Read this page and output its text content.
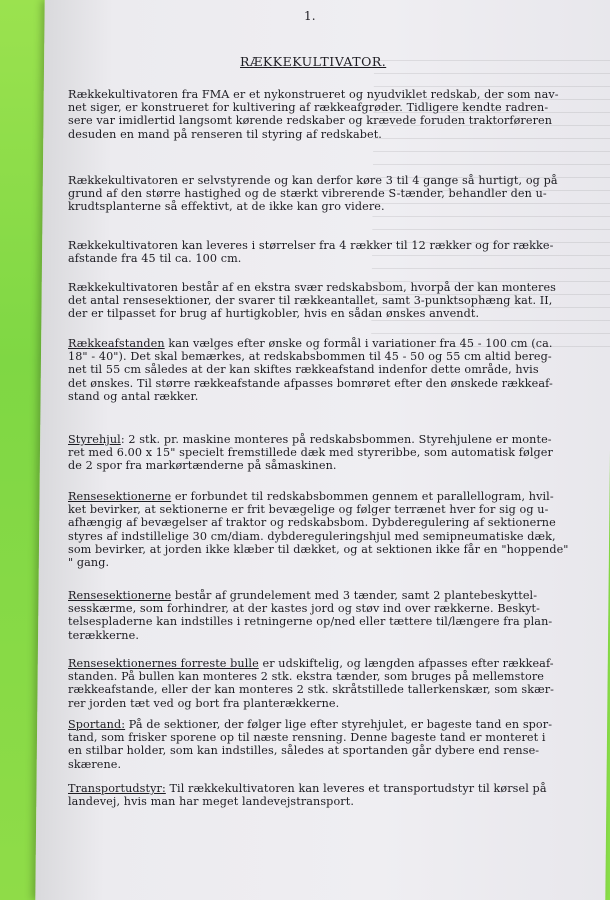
1.
RÆKKEKULTIVATOR.

Rækkekultivatoren fra FMA er et nykonstrueret og nyudviklet redskab, der som nav-

net siger, er konstrueret for kultivering af rækkeafgrøder. Tidligere kendte radren-

sere var imidlertid langsomt kørende redskaber og krævede foruden traktorføreren

desuden en mand på renseren til styring af redskabet.

Rækkekultivatoren er selvstyrende og kan derfor køre 3 til 4 gange så hurtigt, og på

grund af den større hastighed og de stærkt vibrerende S-tænder, behandler den u-

krudtsplanterne så effektivt, at de ikke kan gro videre.

Rækkekultivatoren kan leveres i størrelser fra 4 rækker til 12 rækker og for række-

afstande fra 45 til ca. 100 cm.

Rækkekultivatoren består af en ekstra svær redskabsbom, hvorpå der kan monteres

det antal rensesektioner, der svarer til rækkeantallet, samt 3-punktsophæng kat. II,

der er tilpasset for brug af hurtigkobler, hvis en sådan ønskes anvendt.

Rækkeafstanden kan vælges efter ønske og formål i variationer fra 45 - 100 cm (ca.

18" - 40"). Det skal bemærkes, at redskabsbommen til 45 - 50 og 55 cm altid bereg-

net til 55 cm således at der kan skiftes rækkeafstand indenfor dette område, hvis

det ønskes. Til større rækkeafstande afpasses bomrøret efter den ønskede rækkeaf-

stand og antal rækker.

Styrehjul: 2 stk. pr. maskine monteres på redskabsbommen. Styrehjulene er monte-

ret med 6.00 x 15" specielt fremstillede dæk med styreribbe, som automatisk følger

de 2 spor fra markørtænderne på såmaskinen.

Rensesektionerne er forbundet til redskabsbommen gennem et parallellogram, hvil-

ket bevirker, at sektionerne er frit bevægelige og følger terrænet hver for sig og u-

afhængig af bevægelser af traktor og redskabsbom. Dybderegulering af sektionerne

styres af indstillelige 30 cm/diam. dybdereguleringshjul med semipneumatiske dæk,

som bevirker, at jorden ikke klæber til dækket, og at sektionen ikke får en "hoppende"

" gang.

Rensesektionerne består af grundelement med 3 tænder, samt 2 plantebeskyttel-

sesskærme, som forhindrer, at der kastes jord og støv ind over rækkerne. Beskyt-

telsespladerne kan indstilles i retningerne op/ned eller tættere til/længere fra plan-

terækkerne.

Rensesektionernes forreste bulle er udskiftelig, og længden afpasses efter rækkeaf-

standen. På bullen kan monteres 2 stk. ekstra tænder, som bruges på mellemstore

rækkeafstande, eller der kan monteres 2 stk. skråtstillede tallerkenskær, som skær-

rer jorden tæt ved og bort fra planterækkerne.

Sportand: På de sektioner, der følger lige efter styrehjulet, er bageste tand en spor-

tand, som frisker sporene op til næste rensning. Denne bageste tand er monteret i

en stilbar holder, som kan indstilles, således at sportanden går dybere end rense-

skærene.

Transportudstyr: Til rækkekultivatoren kan leveres et transportudstyr til kørsel på

landevej, hvis man har meget landevejstransport.
